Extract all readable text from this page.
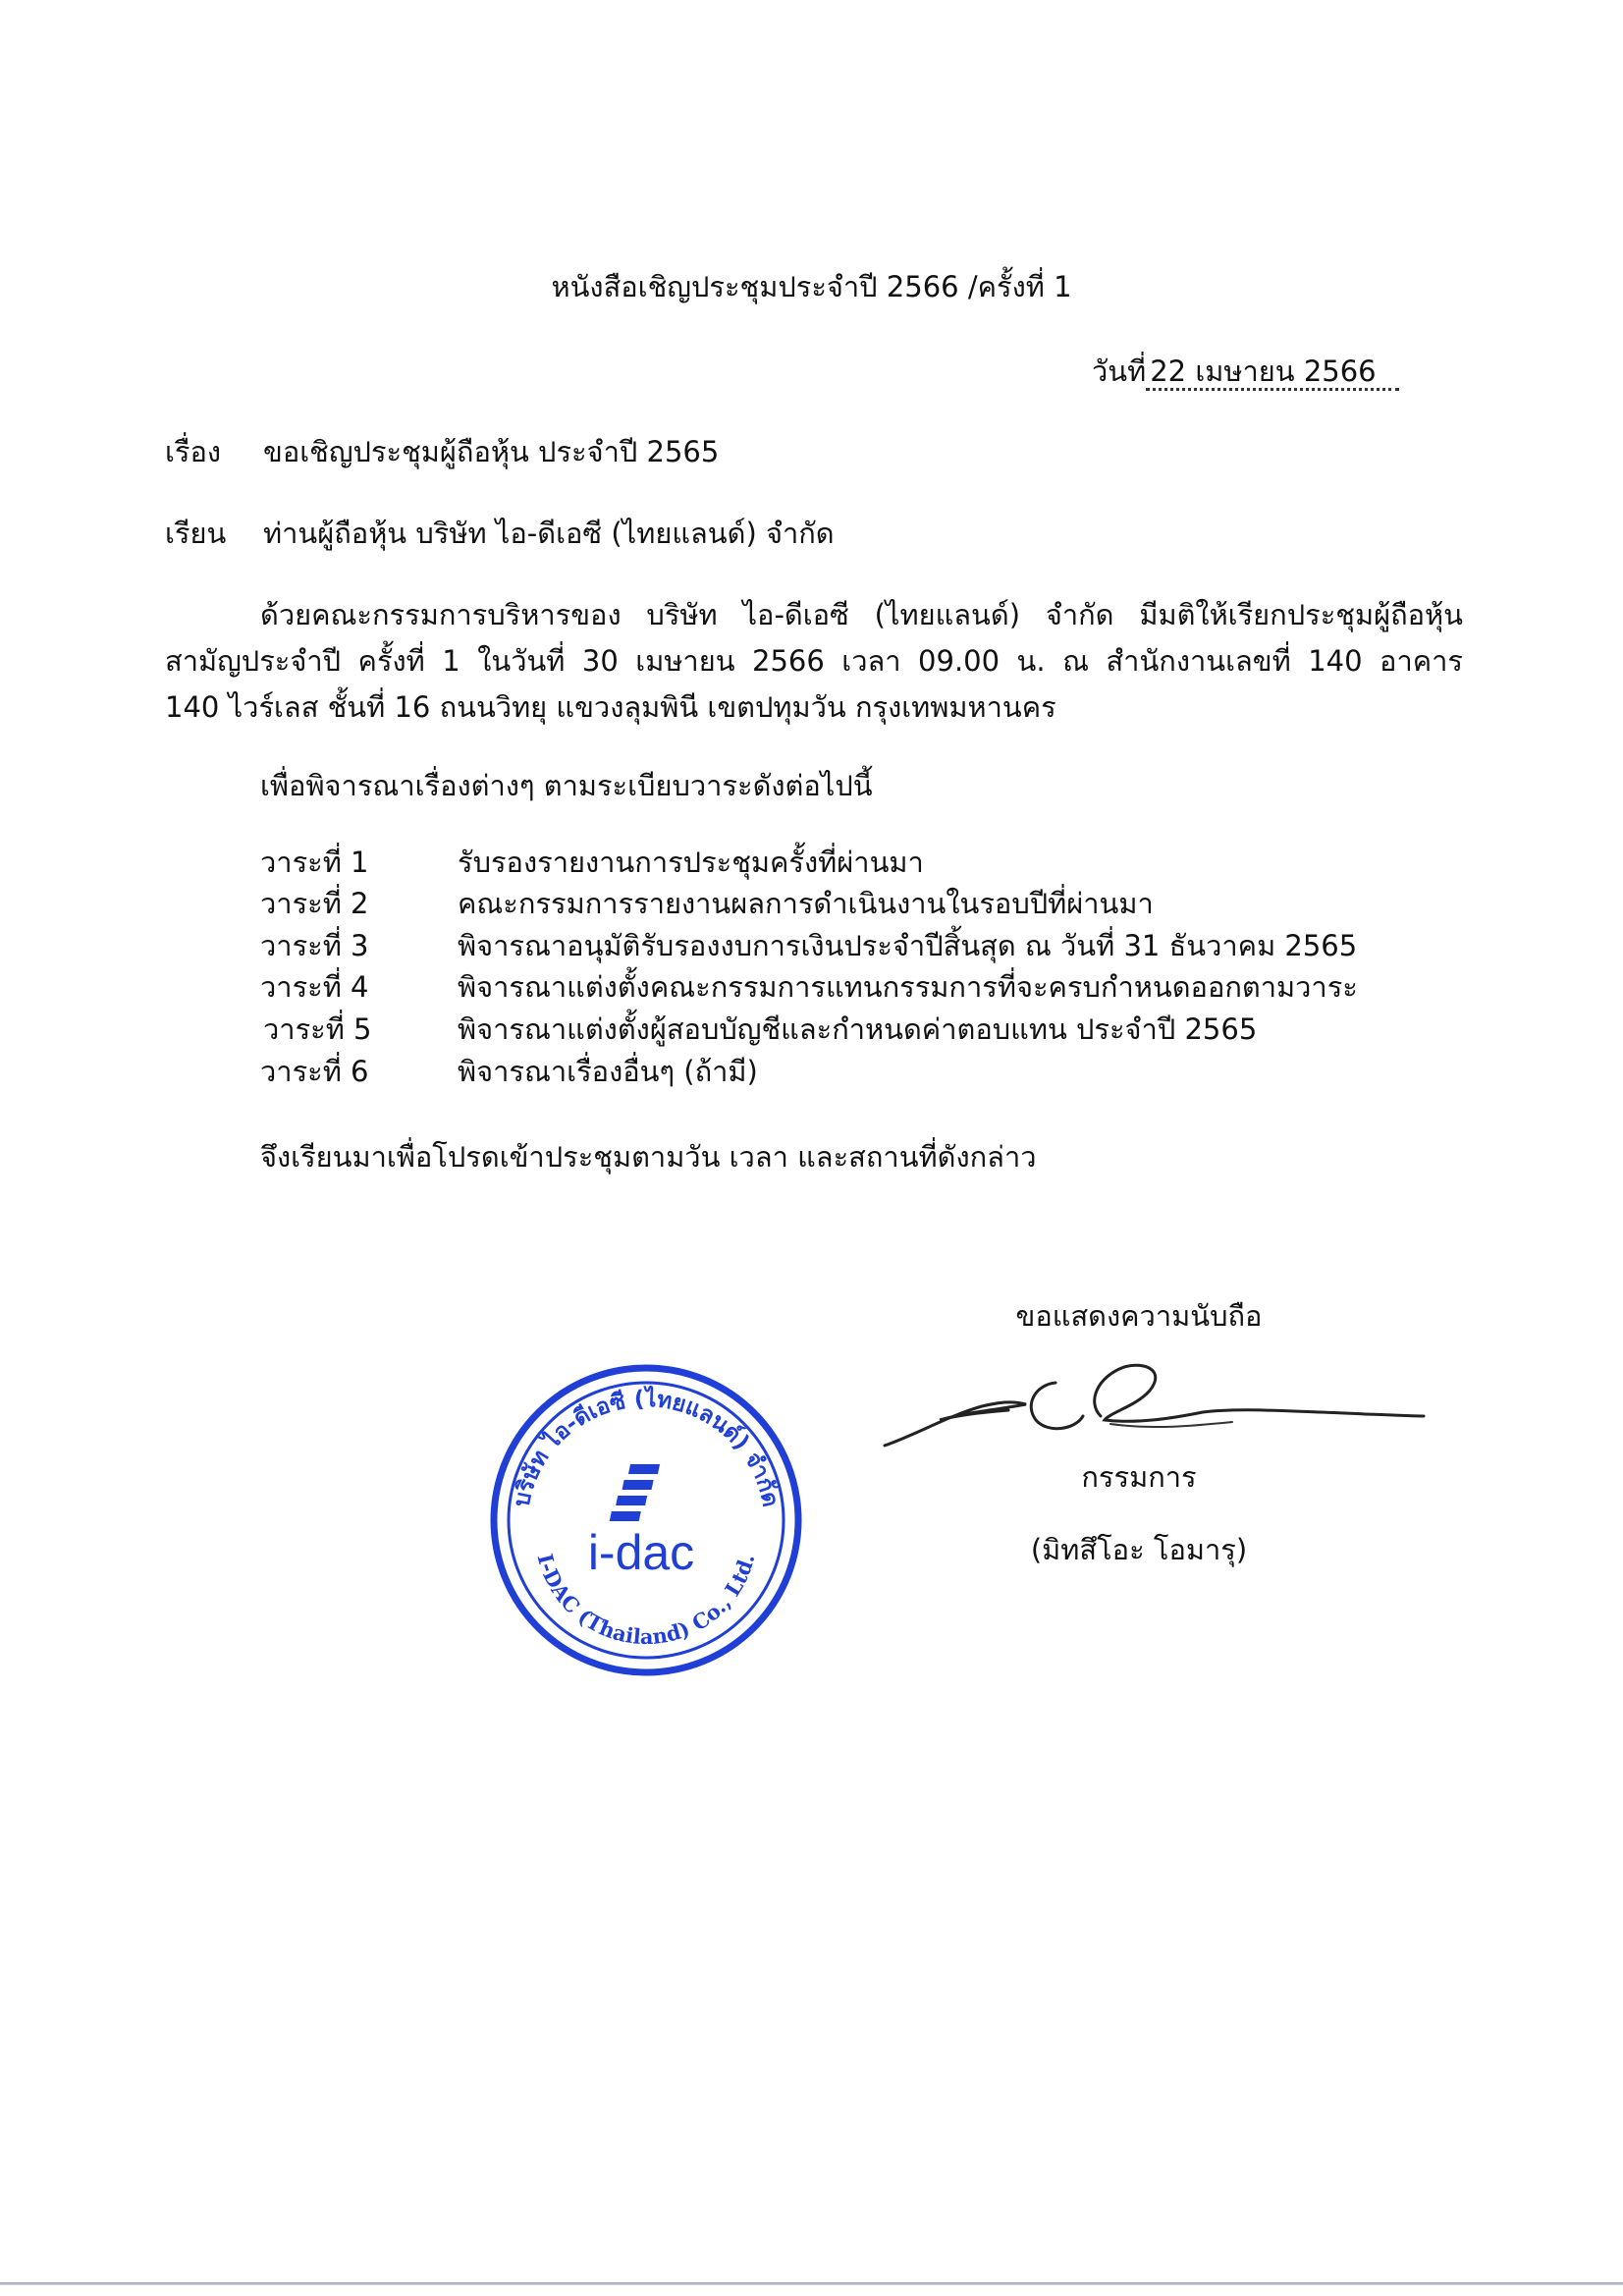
หนังสือเชิญประชุมประจำปี 2566 /ครั้งที่ 1
วันที่ 22 เมษายน 2566
เรื่อง	ขอเชิญประชุมผู้ถือหุ้น ประจำปี 2565
เรียน	ท่านผู้ถือหุ้น บริษัท ไอ-ดีเอซี (ไทยแลนด์) จำกัด
ด้วยคณะกรรมการบริหารของ บริษัท ไอ-ดีเอซี (ไทยแลนด์) จำกัด มีมติให้เรียกประชุมผู้ถือหุ้น
สามัญประจำปี ครั้งที่ 1 ในวันที่ 30 เมษายน 2566 เวลา 09.00 น. ณ สำนักงานเลขที่ 140 อาคาร
140 ไวร์เลส ชั้นที่ 16 ถนนวิทยุ แขวงลุมพินี เขตปทุมวัน กรุงเทพมหานคร
เพื่อพิจารณาเรื่องต่างๆ ตามระเบียบวาระดังต่อไปนี้
วาระที่ 1	รับรองรายงานการประชุมครั้งที่ผ่านมา
วาระที่ 2	คณะกรรมการรายงานผลการดำเนินงานในรอบปีที่ผ่านมา
วาระที่ 3	พิจารณาอนุมัติรับรองงบการเงินประจำปีสิ้นสุด ณ วันที่ 31 ธันวาคม 2565
วาระที่ 4	พิจารณาแต่งตั้งคณะกรรมการแทนกรรมการที่จะครบกำหนดออกตามวาระ
วาระที่ 5	พิจารณาแต่งตั้งผู้สอบบัญชีและกำหนดค่าตอบแทน ประจำปี 2565
วาระที่ 6	พิจารณาเรื่องอื่นๆ (ถ้ามี)
จึงเรียนมาเพื่อโปรดเข้าประชุมตามวัน เวลา และสถานที่ดังกล่าว
ขอแสดงความนับถือ
กรรมการ
(มิทสึโอะ โอมารุ)
บริษัท ไอ-ดีเอซี (ไทยแลนด์) จำกัด
I-DAC (Thailand) Co., Ltd.
i-dac
